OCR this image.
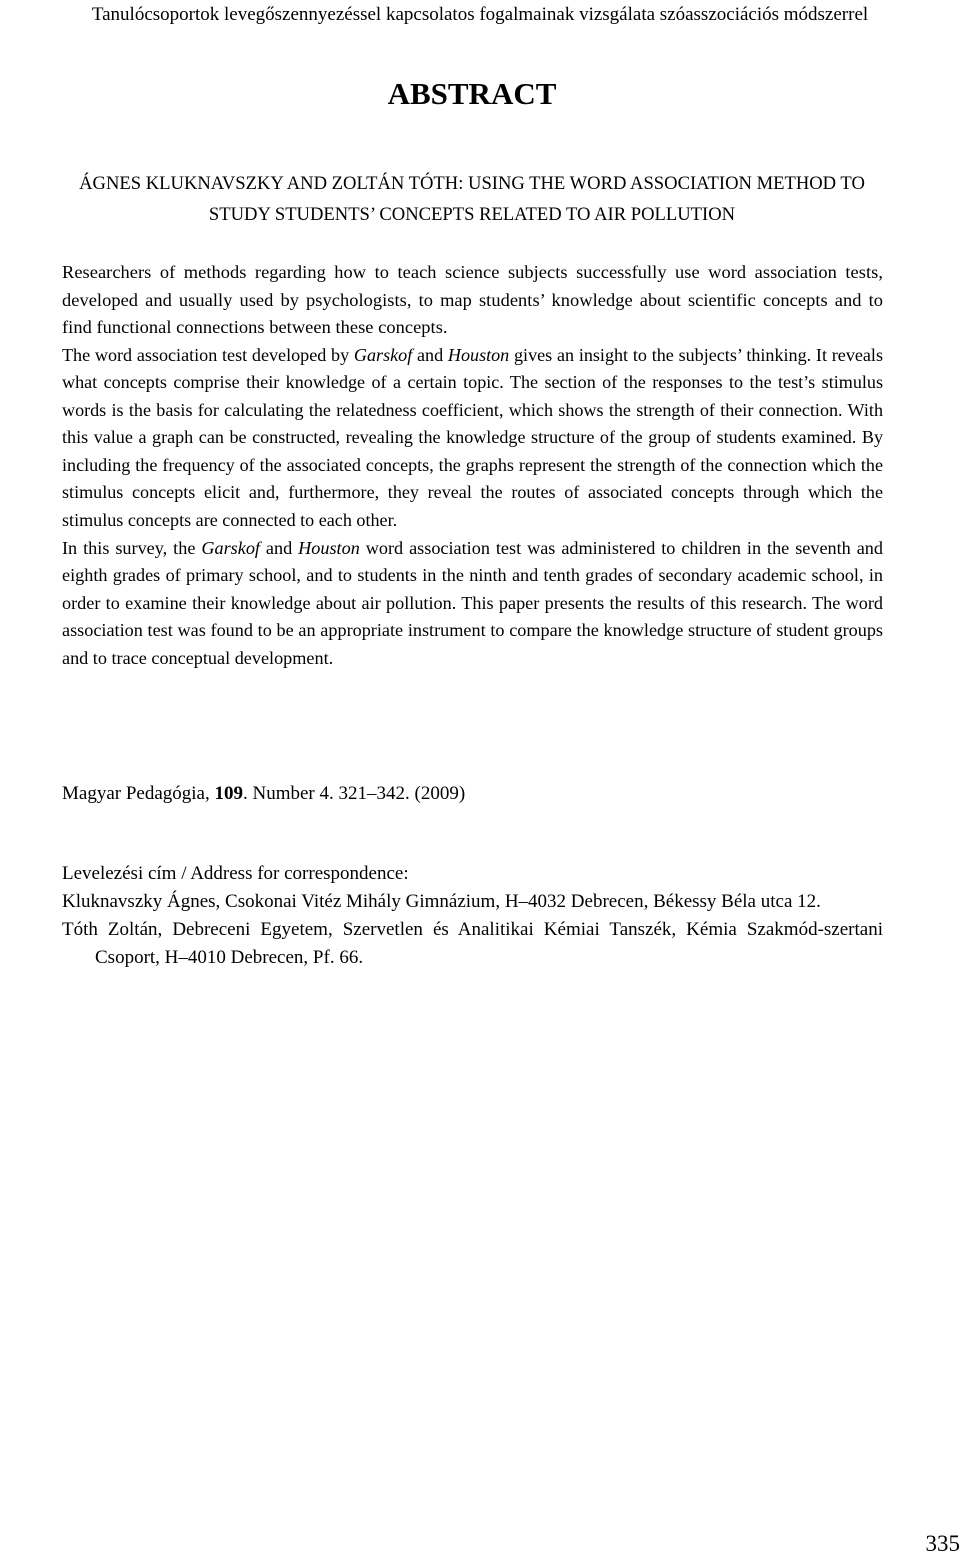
Tanulócsoportok levegőszennyezéssel kapcsolatos fogalmainak vizsgálata szóasszociációs módszerrel
ABSTRACT
ÁGNES KLUKNAVSZKY AND ZOLTÁN TÓTH: USING THE WORD ASSOCIATION METHOD TO
STUDY STUDENTS’ CONCEPTS RELATED TO AIR POLLUTION

Researchers of methods regarding how to teach science subjects successfully use word association tests, developed and usually used by psychologists, to map students’ knowledge about scientific concepts and to find functional connections between these concepts.

The word association test developed by Garskof and Houston gives an insight to the subjects’ thinking. It reveals what concepts comprise their knowledge of a certain topic. The section of the responses to the test’s stimulus words is the basis for calculating the relatedness coefficient, which shows the strength of their connection. With this value a graph can be constructed, revealing the knowledge structure of the group of students examined. By including the frequency of the associated concepts, the graphs represent the strength of the connection which the stimulus concepts elicit and, furthermore, they reveal the routes of associated concepts through which the stimulus concepts are connected to each other.

In this survey, the Garskof and Houston word association test was administered to children in the seventh and eighth grades of primary school, and to students in the ninth and tenth grades of secondary academic school, in order to examine their knowledge about air pollution. This paper presents the results of this research. The word association test was found to be an appropriate instrument to compare the knowledge structure of student groups and to trace conceptual development.

Magyar Pedagógia, 109. Number 4. 321–342. (2009)
Levelezési cím / Address for correspondence:
Kluknavszky Ágnes, Csokonai Vitéz Mihály Gimnázium, H–4032 Debrecen, Békessy Béla utca 12.
Tóth Zoltán, Debreceni Egyetem, Szervetlen és Analitikai Kémiai Tanszék, Kémia Szakmód-szertani Csoport, H–4010 Debrecen, Pf. 66.
335
